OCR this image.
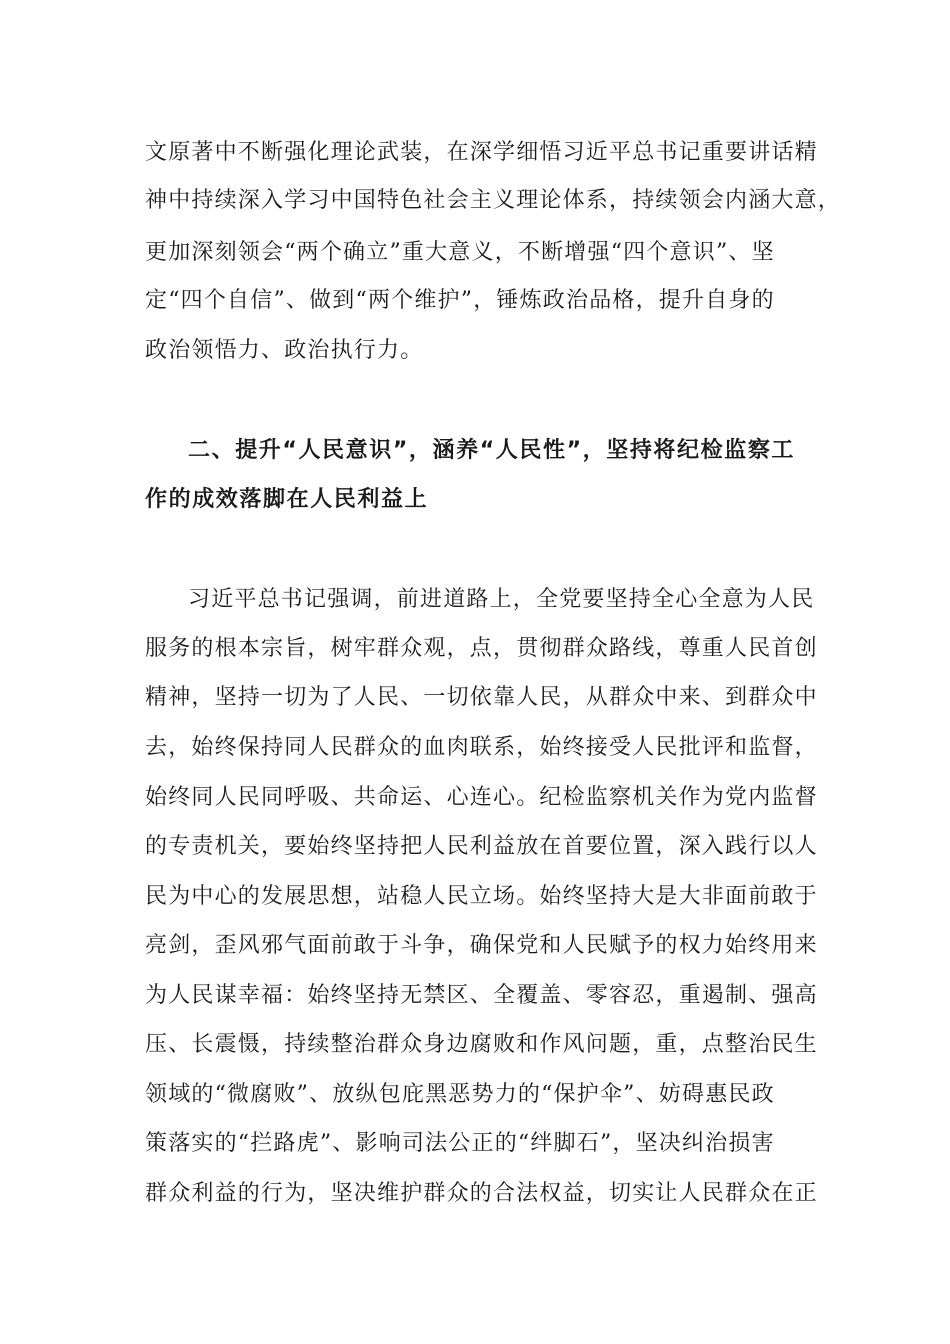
文原著中不断强化理论武装，在深学细悟习近平总书记重要讲话精
神中持续深入学习中国特色社会主义理论体系，持续领会内涵大意，
更加深刻领会“两个确立”重大意义，不断增强“四个意识”、坚
定“四个自信”、做到“两个维护”，锤炼政治品格，提升自身的
政治领悟力、政治执行力。
二、提升“人民意识”，涵养“人民性”，坚持将纪检监察工
作的成效落脚在人民利益上
习近平总书记强调，前进道路上，全党要坚持全心全意为人民
服务的根本宗旨，树牢群众观，点，贯彻群众路线，尊重人民首创
精神，坚持一切为了人民、一切依靠人民，从群众中来、到群众中
去，始终保持同人民群众的血肉联系，始终接受人民批评和监督，
始终同人民同呼吸、共命运、心连心。纪检监察机关作为党内监督
的专责机关，要始终坚持把人民利益放在首要位置，深入践行以人
民为中心的发展思想，站稳人民立场。始终坚持大是大非面前敢于
亮剑，歪风邪气面前敢于斗争，确保党和人民赋予的权力始终用来
为人民谋幸福：始终坚持无禁区、全覆盖、零容忍，重遏制、强高
压、长震慑，持续整治群众身边腐败和作风问题，重，点整治民生
领域的“微腐败”、放纵包庇黑恶势力的“保护伞”、妨碍惠民政
策落实的“拦路虎”、影响司法公正的“绊脚石”，坚决纠治损害
群众利益的行为，坚决维护群众的合法权益，切实让人民群众在正
